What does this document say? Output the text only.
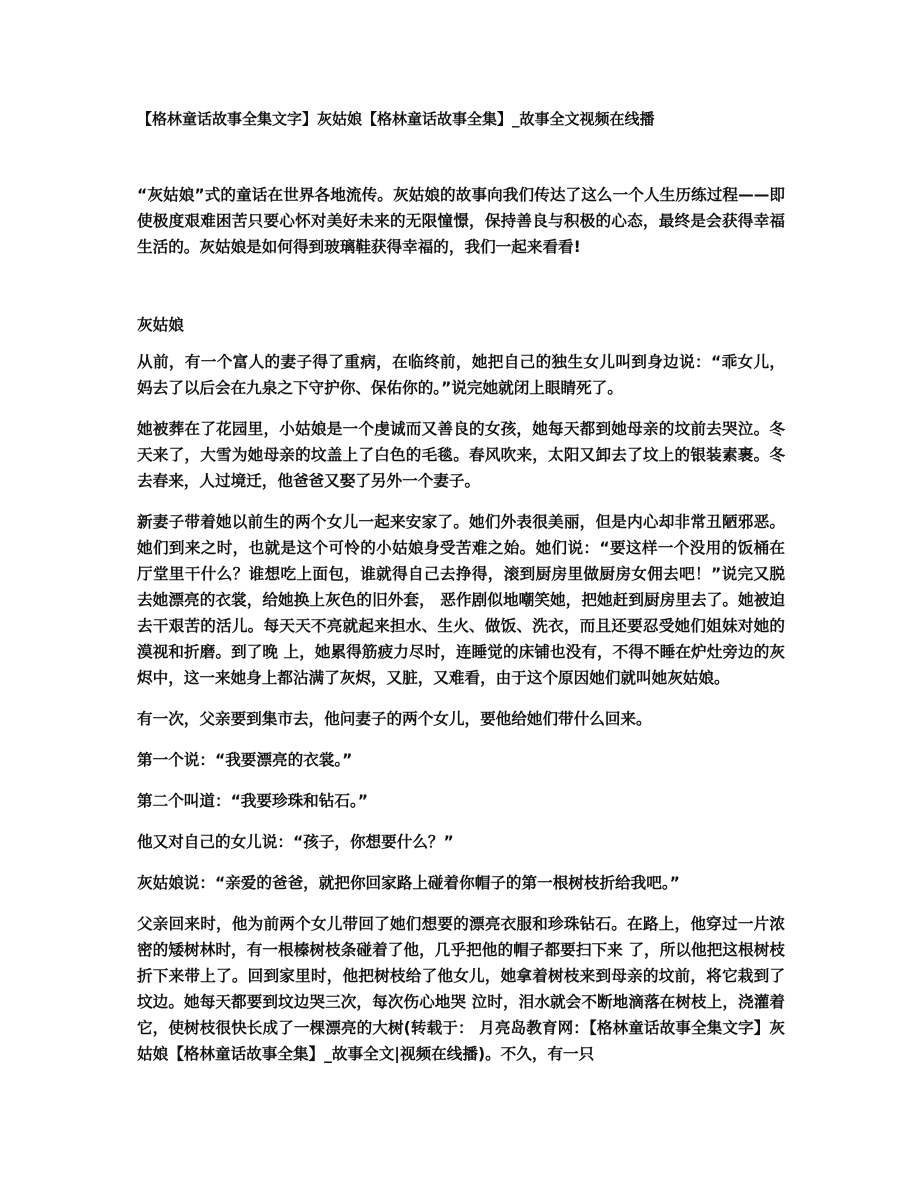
【格林童话故事全集文字】灰姑娘【格林童话故事全集】_故事全文视频在线播
“灰姑娘”式的童话在世界各地流传。灰姑娘的故事向我们传达了这么一个人生历练过程——即使极度艰难困苦只要心怀对美好未来的无限憧憬，保持善良与积极的心态，最终是会获得幸福生活的。灰姑娘是如何得到玻璃鞋获得幸福的，我们一起来看看!
灰姑娘

从前，有一个富人的妻子得了重病，在临终前，她把自己的独生女儿叫到身边说：“乖女儿，妈去了以后会在九泉之下守护你、保佑你的。”说完她就闭上眼睛死了。

她被葬在了花园里，小姑娘是一个虔诚而又善良的女孩，她每天都到她母亲的坟前去哭泣。冬天来了，大雪为她母亲的坟盖上了白色的毛毯。春风吹来，太阳又卸去了坟上的银装素裹。冬去春来，人过境迁，他爸爸又娶了另外一个妻子。

新妻子带着她以前生的两个女儿一起来安家了。她们外表很美丽，但是内心却非常丑陋邪恶。她们到来之时，也就是这个可怜的小姑娘身受苦难之始。她们说：“要这样一个没用的饭桶在厅堂里干什么？谁想吃上面包，谁就得自己去挣得，滚到厨房里做厨房女佣去吧！”说完又脱去她漂亮的衣裳，给她换上灰色的旧外套， 恶作剧似地嘲笑她，把她赶到厨房里去了。她被迫去干艰苦的活儿。每天天不亮就起来担水、生火、做饭、洗衣，而且还要忍受她们姐妹对她的漠视和折磨。到了晚 上，她累得筋疲力尽时，连睡觉的床铺也没有，不得不睡在炉灶旁边的灰烬中，这一来她身上都沾满了灰烬，又脏，又难看，由于这个原因她们就叫她灰姑娘。

有一次，父亲要到集市去，他问妻子的两个女儿，要他给她们带什么回来。

第一个说：“我要漂亮的衣裳。”

第二个叫道：“我要珍珠和钻石。”

他又对自己的女儿说：“孩子，你想要什么？”

灰姑娘说：“亲爱的爸爸，就把你回家路上碰着你帽子的第一根树枝折给我吧。”

父亲回来时，他为前两个女儿带回了她们想要的漂亮衣服和珍珠钻石。在路上，他穿过一片浓密的矮树林时，有一根榛树枝条碰着了他，几乎把他的帽子都要扫下来 了，所以他把这根树枝折下来带上了。回到家里时，他把树枝给了他女儿，她拿着树枝来到母亲的坟前，将它栽到了坟边。她每天都要到坟边哭三次，每次伤心地哭 泣时，泪水就会不断地滴落在树枝上，浇灌着它，使树枝很快长成了一棵漂亮的大树(转载于： 月亮岛教育网：【格林童话故事全集文字】灰姑娘【格林童话故事全集】_故事全文|视频在线播)。不久，有一只
